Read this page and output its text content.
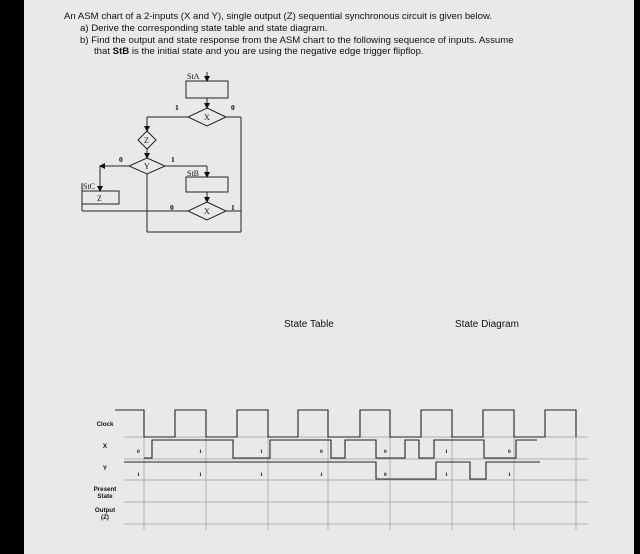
An ASM chart of a 2-inputs (X and Y), single output (Z) sequential synchronous circuit is given below.
a) Derive the corresponding state table and state diagram.
b) Find the output and state response from the ASM chart to the following sequence of inputs. Assume
that StB is the initial state and you are using the negative edge trigger flipflop.
StA
StB
StC
Z
X
Z
Y
X
1	0
0	1
0	1
State Table	State Diagram
0	1	1	0	0	1	0
1	1	1	1	0	1	1
Clock
X
Y
Present
State
Output
(Z)
